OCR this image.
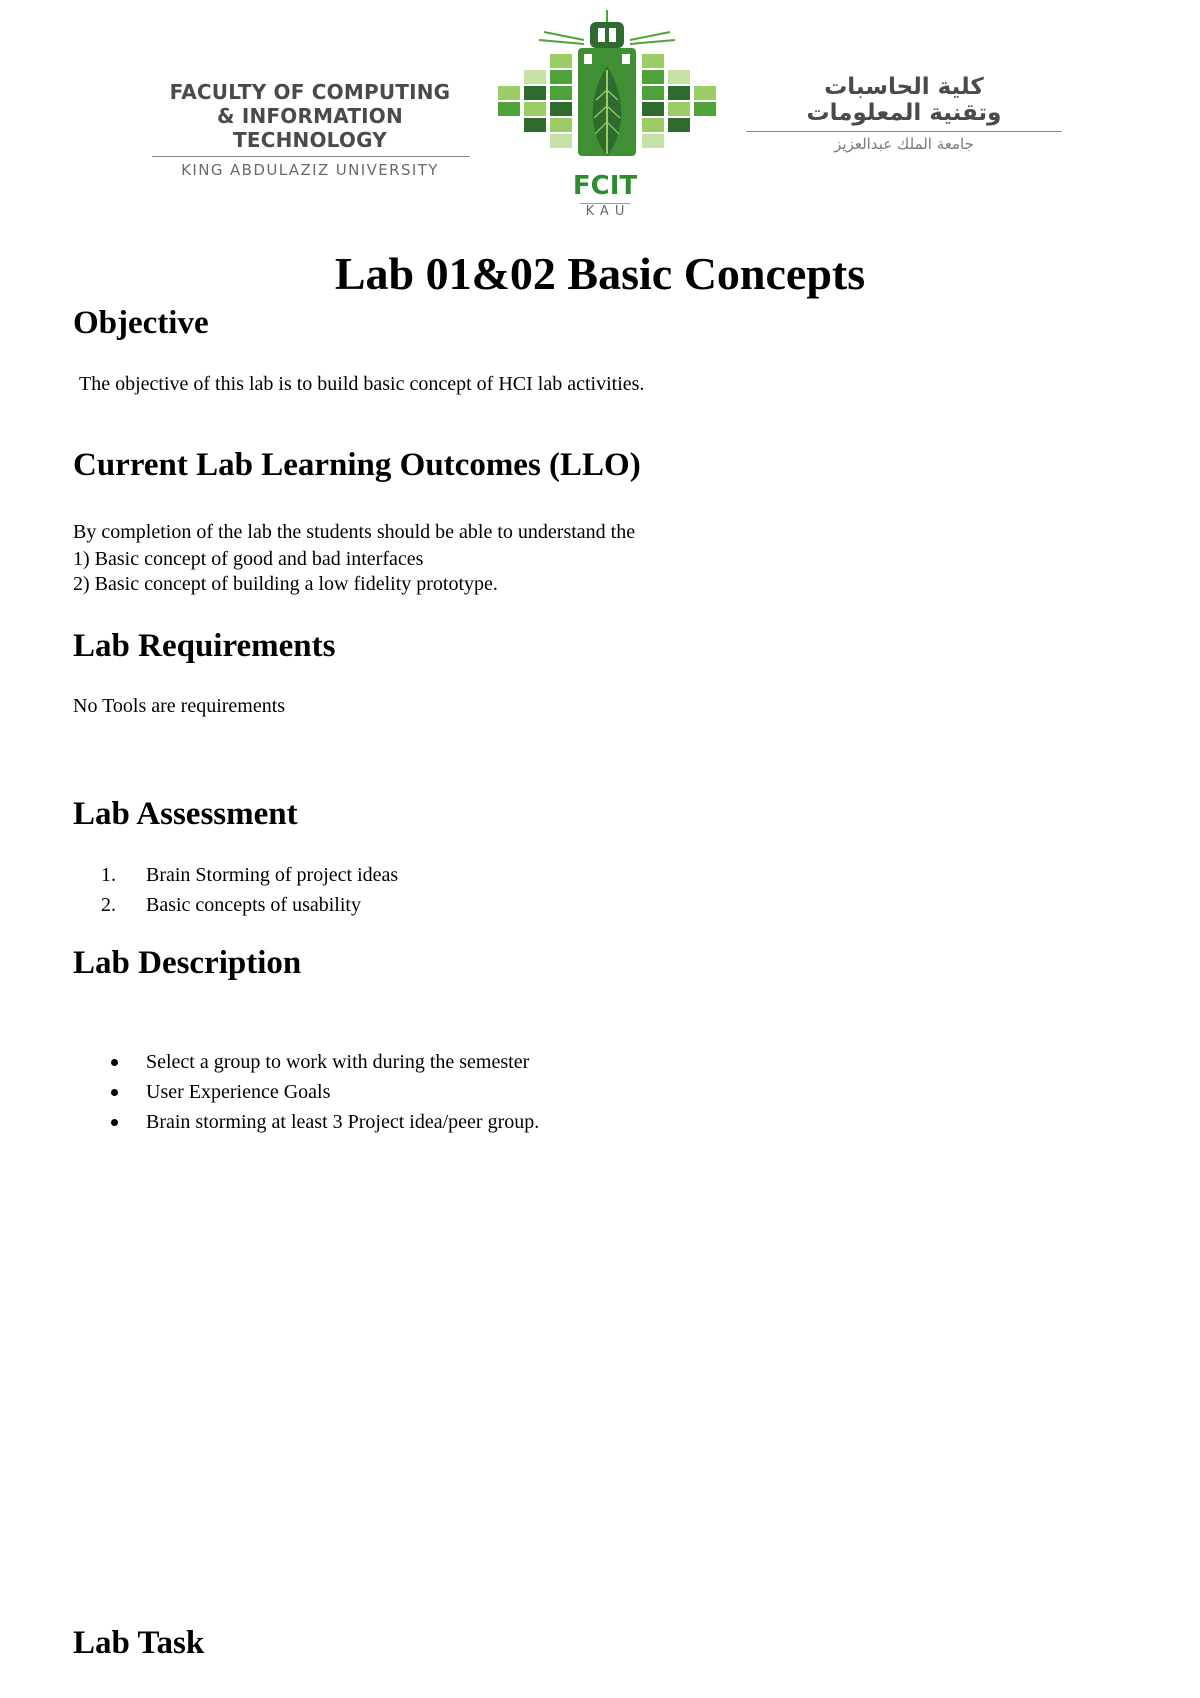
FACULTY OF COMPUTING
& INFORMATION TECHNOLOGY
KING ABDULAZIZ UNIVERSITY
FCIT
KAU
كلية الحاسبات
وتقنية المعلومات
جامعة الملك عبدالعزيز
Lab 01&02 Basic Concepts
Objective
The objective of this lab is to build basic concept of HCI lab activities.
Current Lab Learning Outcomes (LLO)
By completion of the lab the students should be able to understand the
1) Basic concept of good and bad interfaces
2) Basic concept of building a low fidelity prototype.
Lab Requirements
No Tools are requirements
Lab Assessment
1.	Brain Storming of project ideas
2.	Basic concepts of usability
Lab Description
Select a group to work with during the semester
User Experience Goals
Brain storming at least 3 Project idea/peer group.
Lab Task
